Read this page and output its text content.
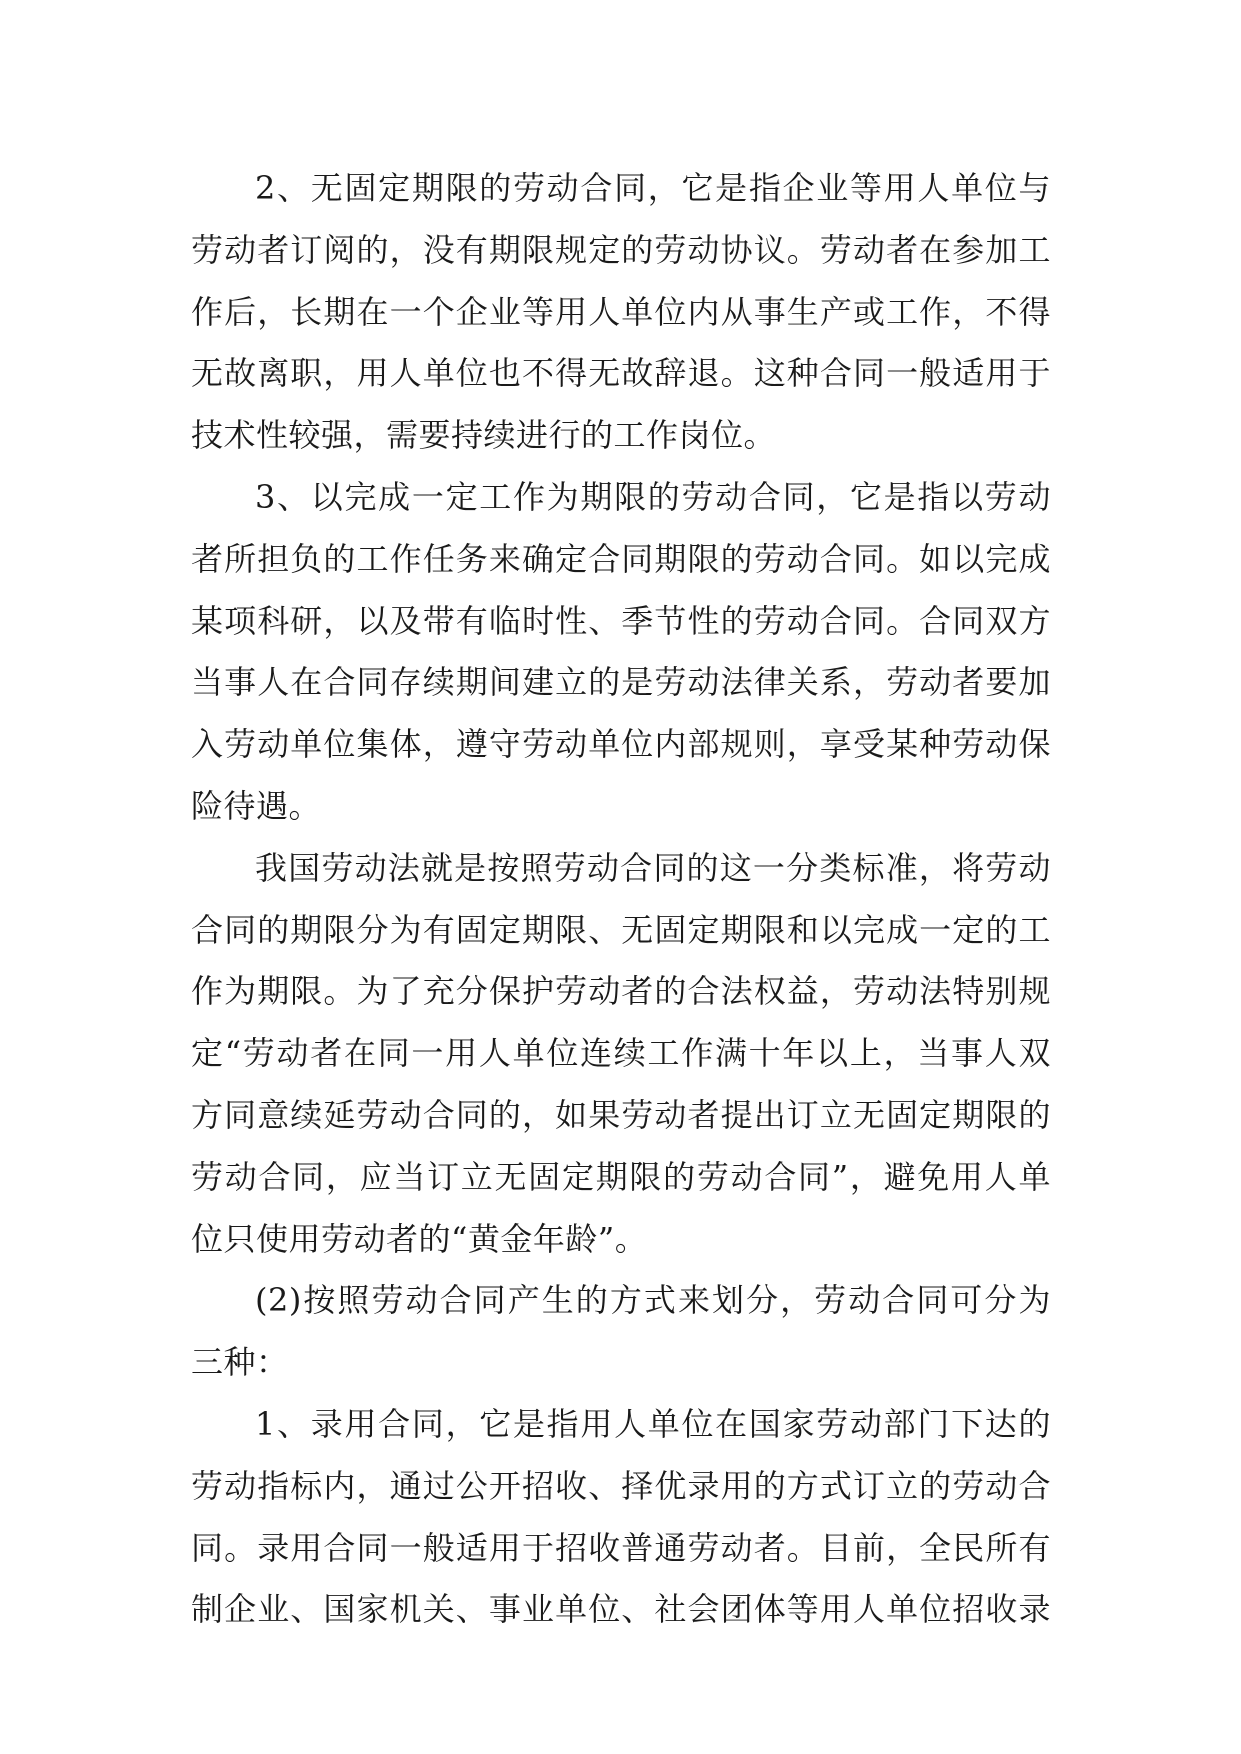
2、无固定期限的劳动合同，它是指企业等用人单位与
劳动者订阅的，没有期限规定的劳动协议。劳动者在参加工
作后，长期在一个企业等用人单位内从事生产或工作，不得
无故离职，用人单位也不得无故辞退。这种合同一般适用于
技术性较强，需要持续进行的工作岗位。
3、以完成一定工作为期限的劳动合同，它是指以劳动
者所担负的工作任务来确定合同期限的劳动合同。如以完成
某项科研，以及带有临时性、季节性的劳动合同。合同双方
当事人在合同存续期间建立的是劳动法律关系，劳动者要加
入劳动单位集体，遵守劳动单位内部规则，享受某种劳动保
险待遇。
我国劳动法就是按照劳动合同的这一分类标准，将劳动
合同的期限分为有固定期限、无固定期限和以完成一定的工
作为期限。为了充分保护劳动者的合法权益，劳动法特别规
定“劳动者在同一用人单位连续工作满十年以上，当事人双
方同意续延劳动合同的，如果劳动者提出订立无固定期限的
劳动合同，应当订立无固定期限的劳动合同”，避免用人单
位只使用劳动者的“黄金年龄”。
(2)按照劳动合同产生的方式来划分，劳动合同可分为
三种：
1、录用合同，它是指用人单位在国家劳动部门下达的
劳动指标内，通过公开招收、择优录用的方式订立的劳动合
同。录用合同一般适用于招收普通劳动者。目前，全民所有
制企业、国家机关、事业单位、社会团体等用人单位招收录
